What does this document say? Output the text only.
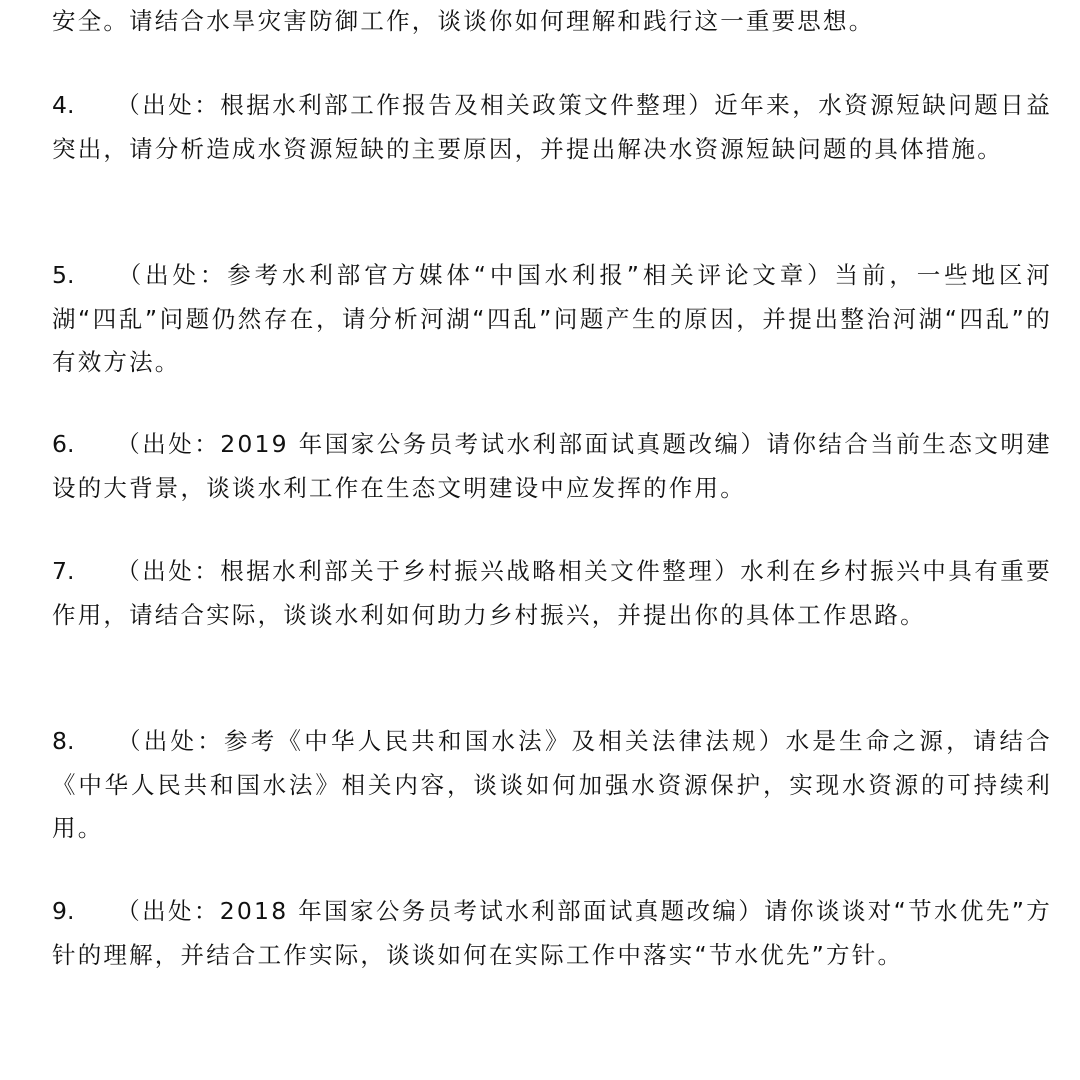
安全。请结合水旱灾害防御工作，谈谈你如何理解和践行这一重要思想。

4. （出处：根据水利部工作报告及相关政策文件整理）近年来，水资源短缺问题日益突出，请分析造成水资源短缺的主要原因，并提出解决水资源短缺问题的具体措施。

5. （出处：参考水利部官方媒体“中国水利报”相关评论文章）当前，一些地区河湖“四乱”问题仍然存在，请分析河湖“四乱”问题产生的原因，并提出整治河湖“四乱”的有效方法。

6. （出处：2019 年国家公务员考试水利部面试真题改编）请你结合当前生态文明建设的大背景，谈谈水利工作在生态文明建设中应发挥的作用。

7. （出处：根据水利部关于乡村振兴战略相关文件整理）水利在乡村振兴中具有重要作用，请结合实际，谈谈水利如何助力乡村振兴，并提出你的具体工作思路。

8. （出处：参考《中华人民共和国水法》及相关法律法规）水是生命之源，请结合《中华人民共和国水法》相关内容，谈谈如何加强水资源保护，实现水资源的可持续利用。

9. （出处：2018 年国家公务员考试水利部面试真题改编）请你谈谈对“节水优先”方针的理解，并结合工作实际，谈谈如何在实际工作中落实“节水优先”方针。
